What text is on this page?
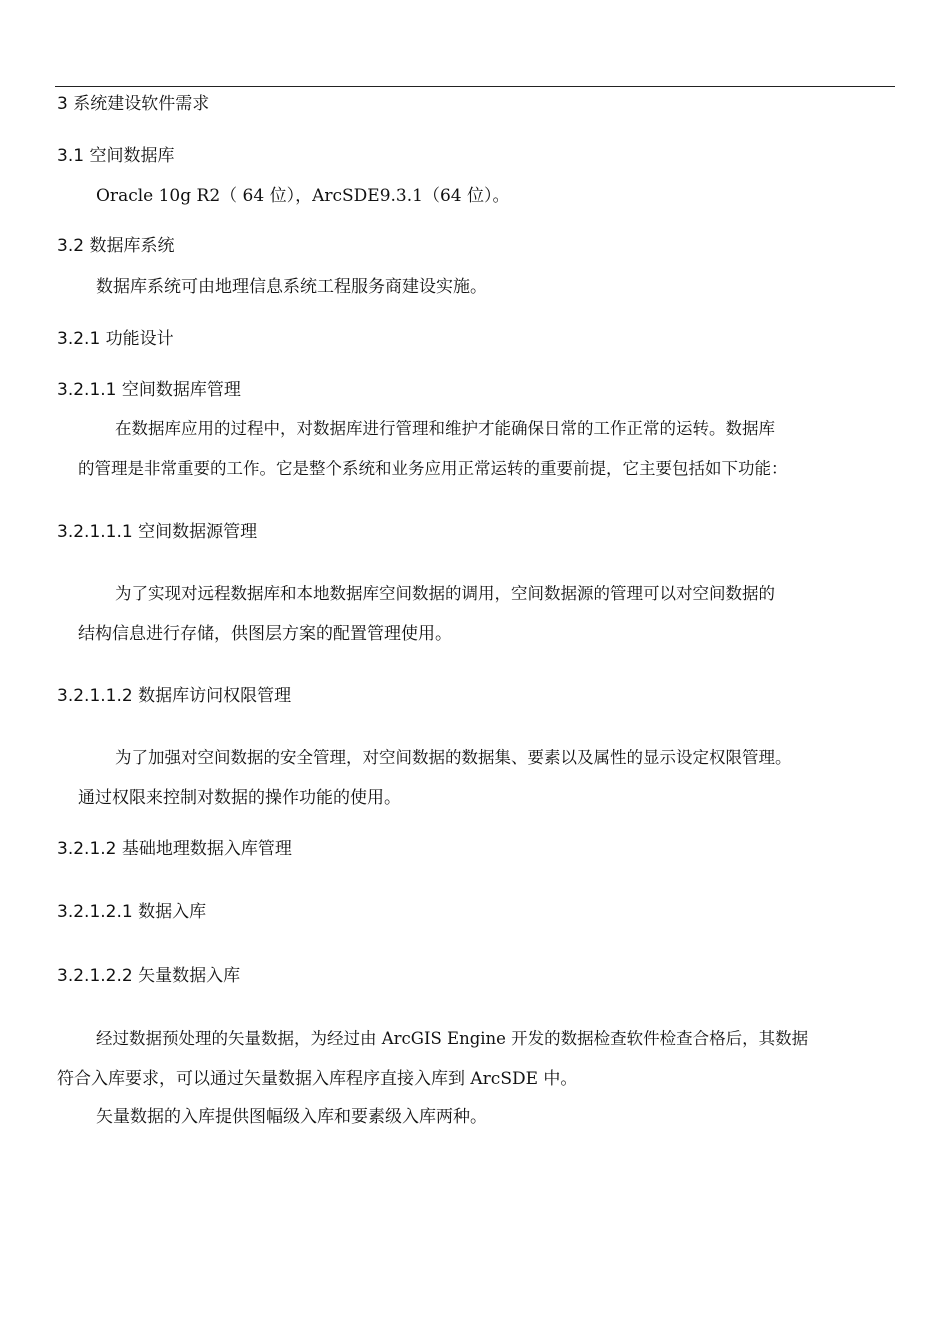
3 系统建设软件需求
3.1 空间数据库
Oracle 10g R2（ 64 位），ArcSDE9.3.1（64 位）。
3.2 数据库系统
数据库系统可由地理信息系统工程服务商建设实施。
3.2.1 功能设计
3.2.1.1 空间数据库管理
在数据库应用的过程中，对数据库进行管理和维护才能确保日常的工作正常的运转。数据库
的管理是非常重要的工作。它是整个系统和业务应用正常运转的重要前提，它主要包括如下功能：
3.2.1.1.1 空间数据源管理
为了实现对远程数据库和本地数据库空间数据的调用，空间数据源的管理可以对空间数据的
结构信息进行存储，供图层方案的配置管理使用。
3.2.1.1.2 数据库访问权限管理
为了加强对空间数据的安全管理，对空间数据的数据集、要素以及属性的显示设定权限管理。
通过权限来控制对数据的操作功能的使用。
3.2.1.2 基础地理数据入库管理
3.2.1.2.1 数据入库
3.2.1.2.2 矢量数据入库
经过数据预处理的矢量数据，为经过由 ArcGIS Engine 开发的数据检查软件检查合格后，其数据
符合入库要求，可以通过矢量数据入库程序直接入库到 ArcSDE 中。
矢量数据的入库提供图幅级入库和要素级入库两种。
